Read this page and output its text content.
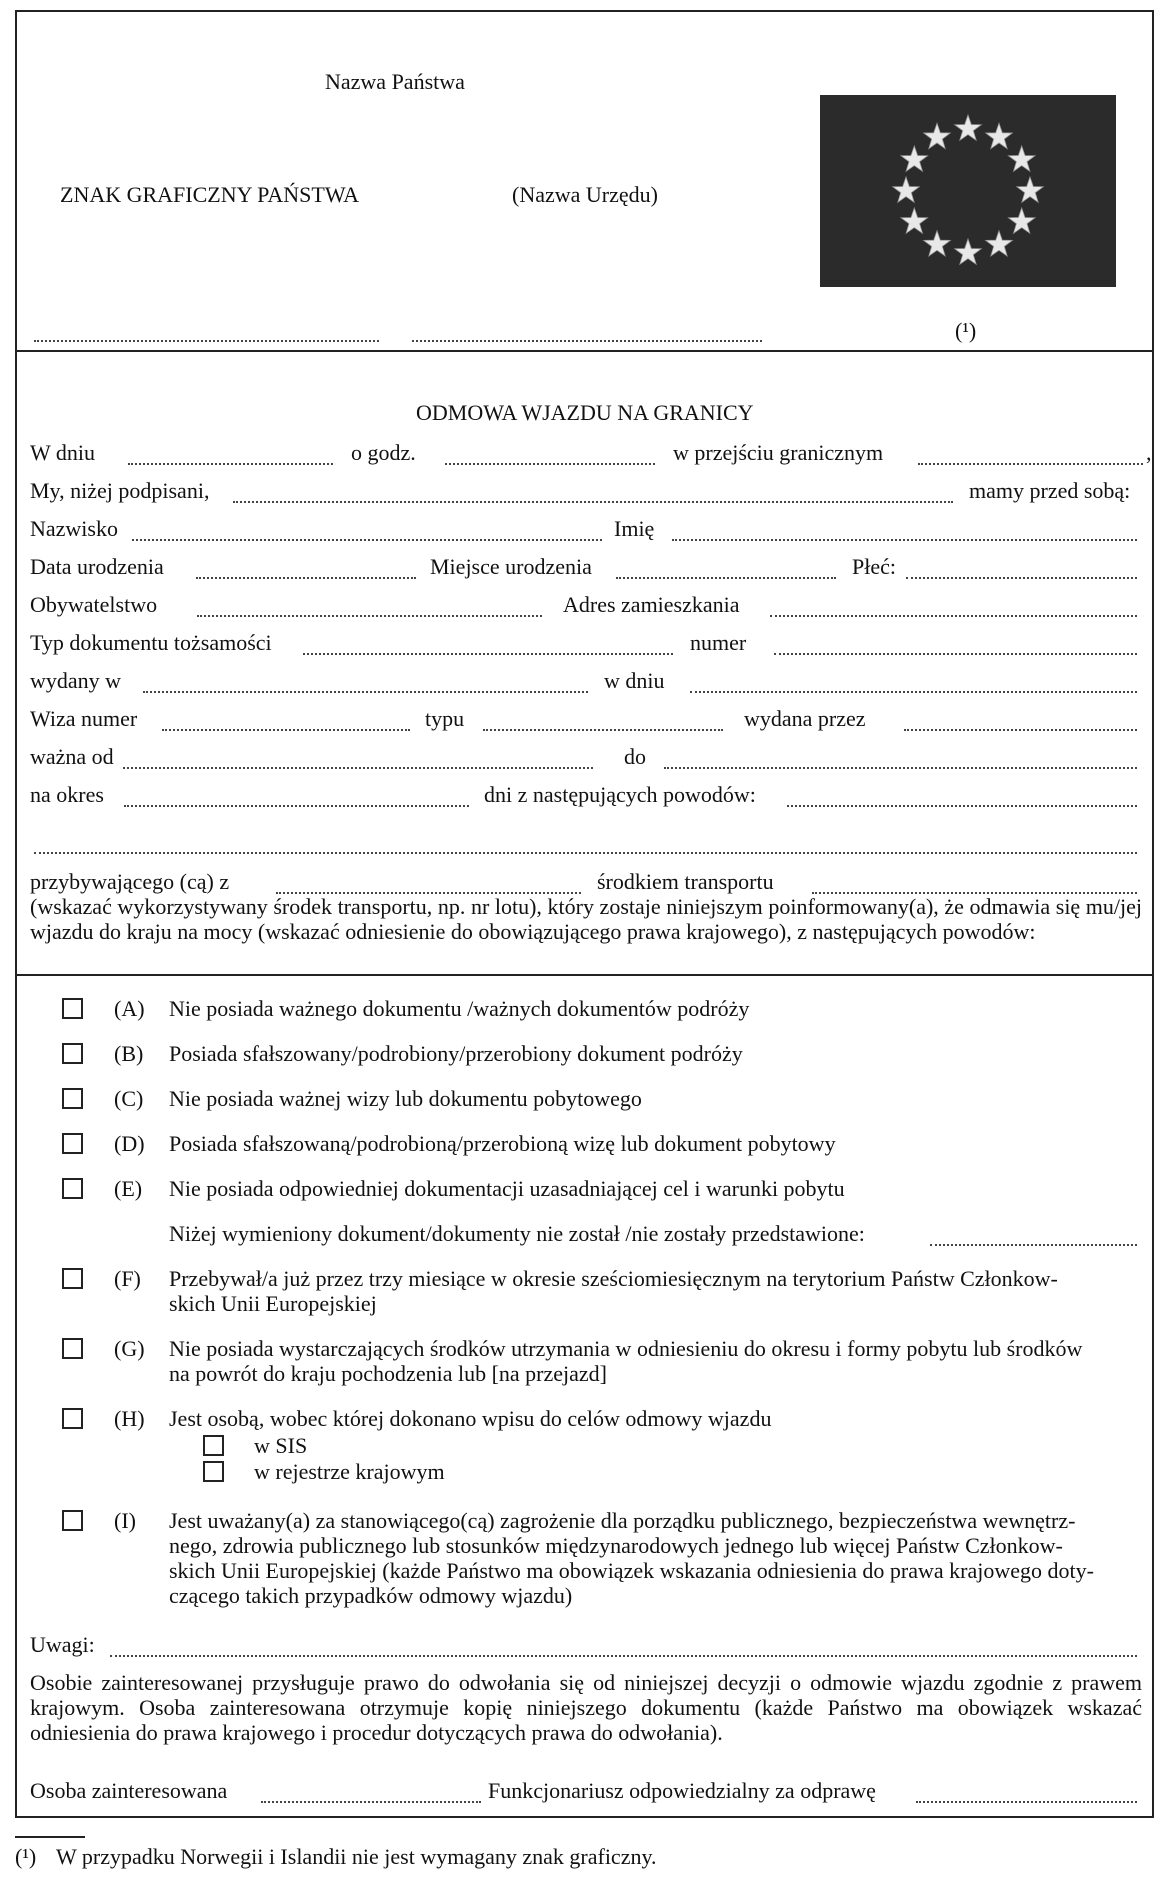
Nazwa Państwa
ZNAK GRAFICZNY PAŃSTWA	(Nazwa Urzędu)
(¹)
ODMOWA WJAZDU NA GRANICY
W dniu	o godz.	w przejściu granicznym	,
My, niżej podpisani,	mamy przed sobą:
Nazwisko	Imię
Data urodzenia	Miejsce urodzenia	Płeć:
Obywatelstwo	Adres zamieszkania
Typ dokumentu tożsamości	numer
wydany w	w dniu
Wiza numer	typu	wydana przez
ważna od	do
na okres	dni z następujących powodów:
przybywającego (cą) z	środkiem transportu
(wskazać wykorzystywany środek transportu, np. nr lotu), który zostaje niniejszym poinformowany(a), że odmawia się mu/jej wjazdu do kraju na mocy (wskazać odniesienie do obowiązującego prawa krajowego), z następujących powodów:
(A) Nie posiada ważnego dokumentu /ważnych dokumentów podróży
(B) Posiada sfałszowany/podrobiony/przerobiony dokument podróży
(C) Nie posiada ważnej wizy lub dokumentu pobytowego
(D) Posiada sfałszowaną/podrobioną/przerobioną wizę lub dokument pobytowy
(E) Nie posiada odpowiedniej dokumentacji uzasadniającej cel i warunki pobytu
Niżej wymieniony dokument/dokumenty nie został /nie zostały przedstawione:
(F) Przebywał/a już przez trzy miesiące w okresie sześciomiesięcznym na terytorium Państw Członkow-
skich Unii Europejskiej
(G) Nie posiada wystarczających środków utrzymania w odniesieniu do okresu i formy pobytu lub środków
na powrót do kraju pochodzenia lub [na przejazd]
(H) Jest osobą, wobec której dokonano wpisu do celów odmowy wjazdu
w SIS
w rejestrze krajowym
(I) Jest uważany(a) za stanowiącego(cą) zagrożenie dla porządku publicznego, bezpieczeństwa wewnętrz-
nego, zdrowia publicznego lub stosunków międzynarodowych jednego lub więcej Państw Członkow-
skich Unii Europejskiej (każde Państwo ma obowiązek wskazania odniesienia do prawa krajowego doty-
czącego takich przypadków odmowy wjazdu)
Uwagi:
Osobie zainteresowanej przysługuje prawo do odwołania się od niniejszej decyzji o odmowie wjazdu zgodnie z prawem krajowym. Osoba zainteresowana otrzymuje kopię niniejszego dokumentu (każde Państwo ma obowiązek wskazać odniesienia do prawa krajowego i procedur dotyczących prawa do odwołania).
Osoba zainteresowana	Funkcjonariusz odpowiedzialny za odprawę
(¹) W przypadku Norwegii i Islandii nie jest wymagany znak graficzny.
